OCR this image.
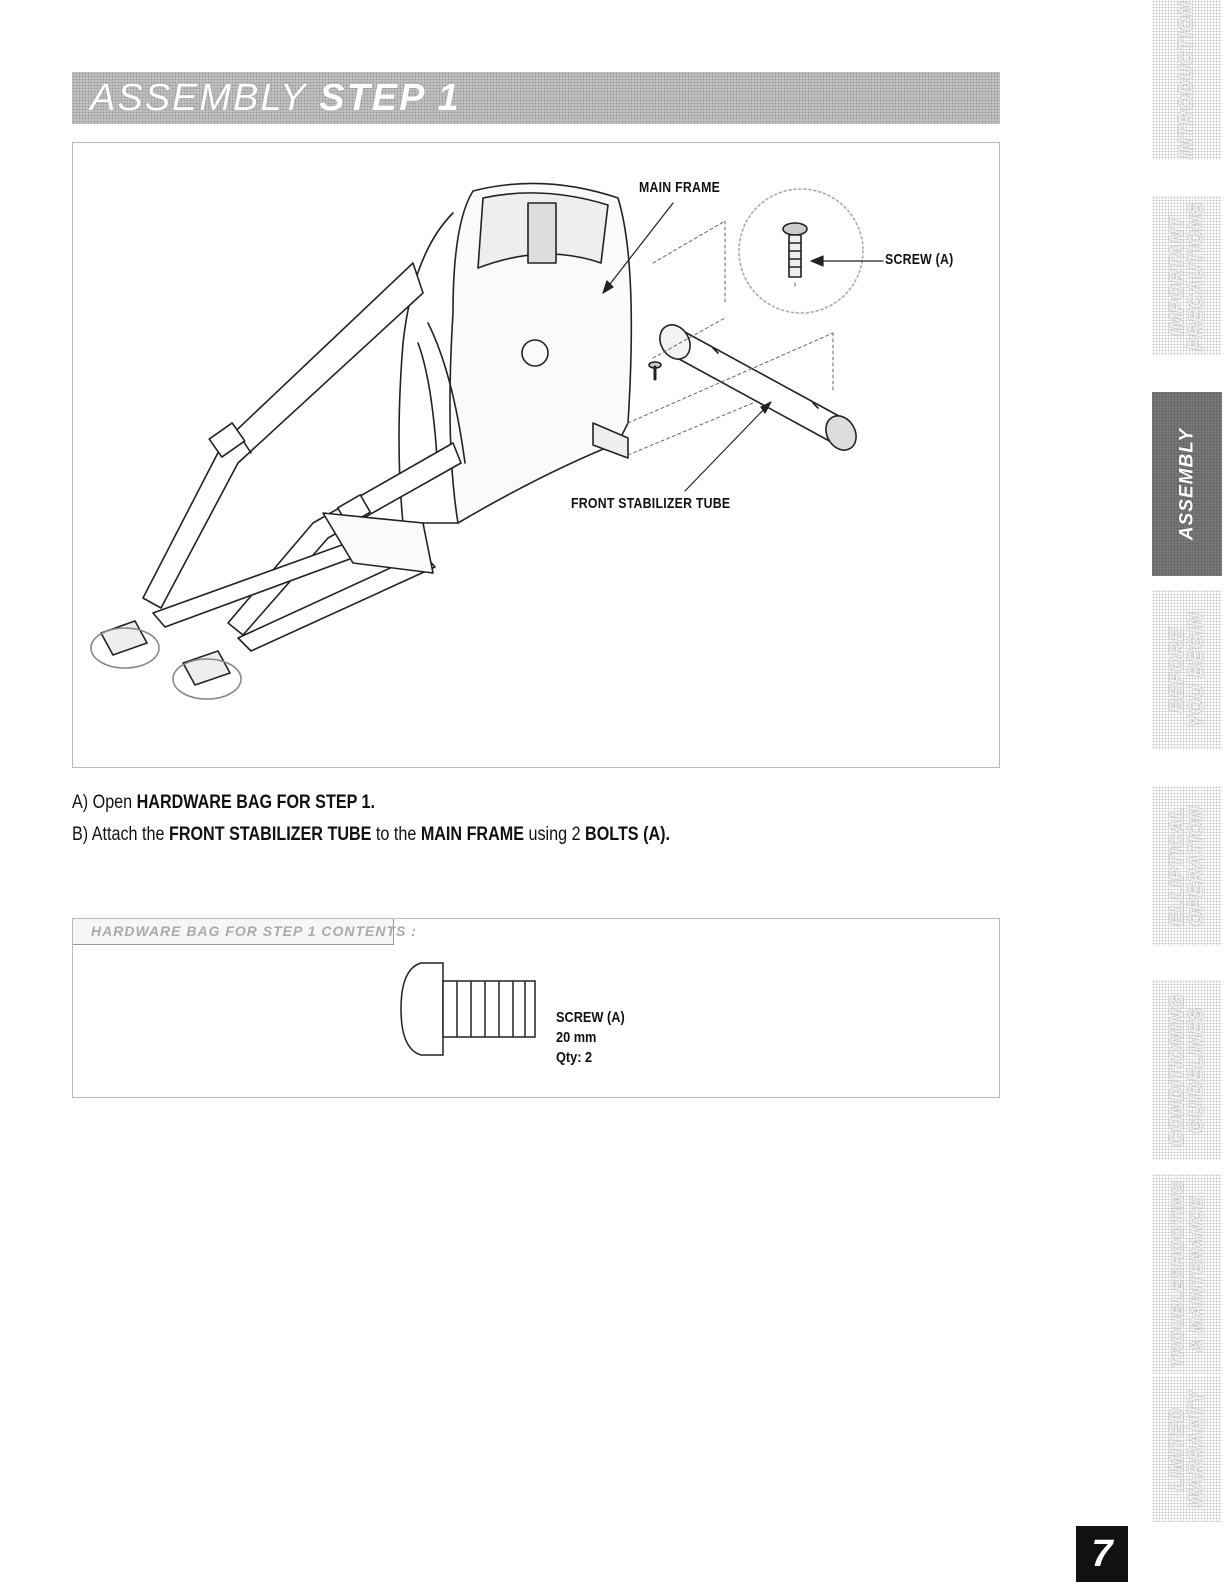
ASSEMBLY STEP 1
MAIN FRAME
SCREW (A)
FRONT STABILIZER TUBE
A) Open HARDWARE BAG FOR STEP 1.
B) Attach the FRONT STABILIZER TUBE to the MAIN FRAME using 2 BOLTS (A).
HARDWARE BAG FOR STEP 1 CONTENTS :
SCREW (A)
20 mm
Qty: 2
INTRODUCTION
IMPORTANT
PRECAUTIONS
ASSEMBLY
BEFORE
YOU BEGIN
ELLIPTICAL
OPERATION
CONDITIONING
GUIDELINES
TROUBLESHOOTING & MAINTENANCE
LIMITED
WARRANTY
7
